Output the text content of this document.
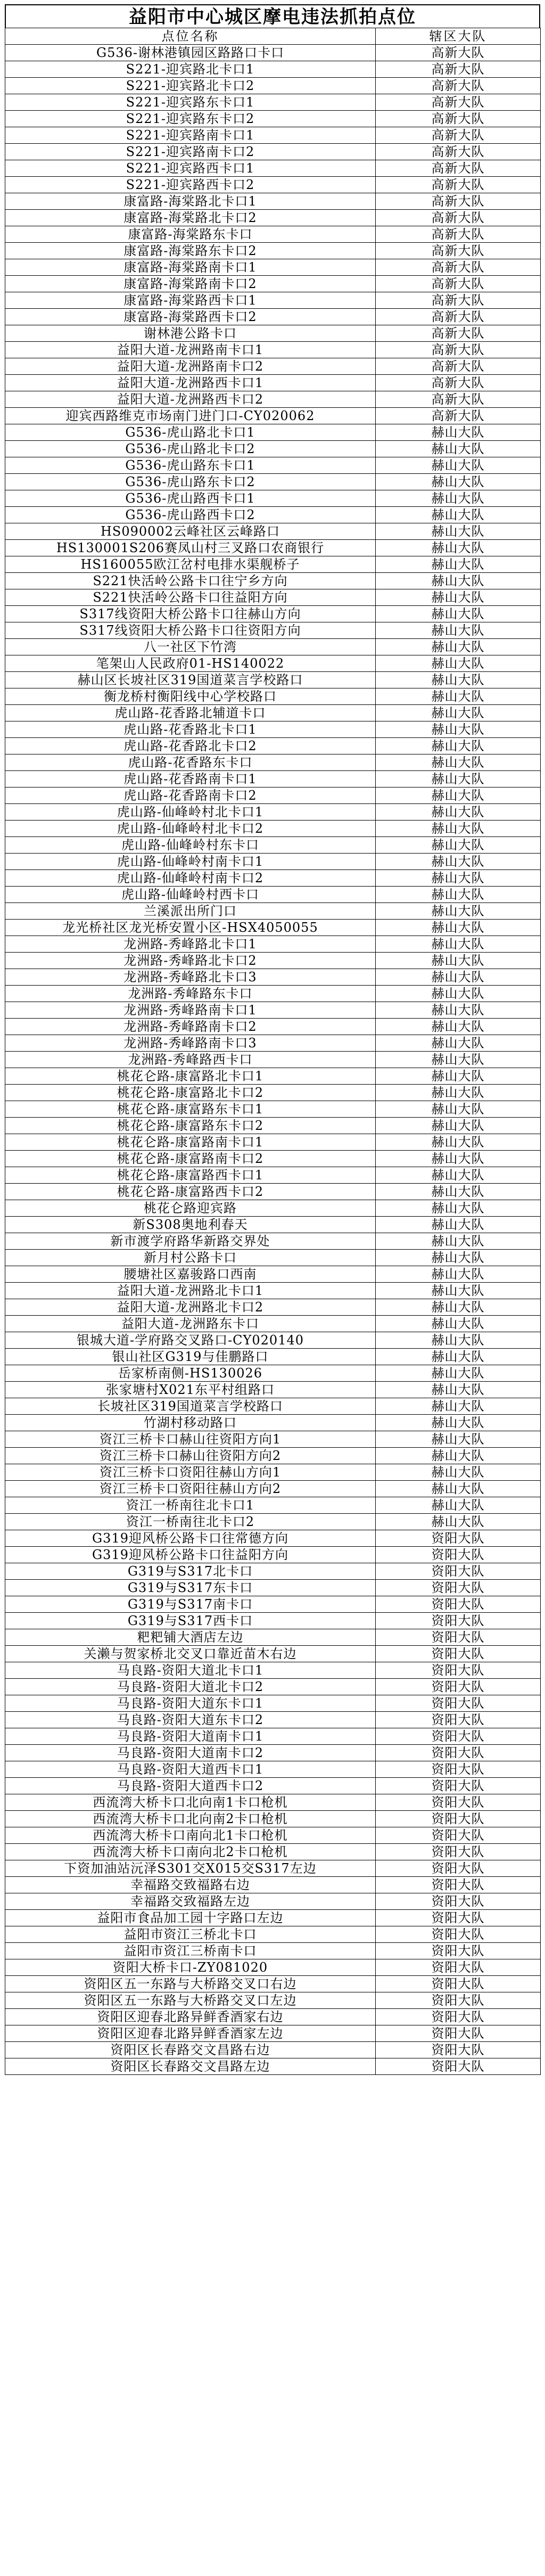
益阳市中心城区摩电违法抓拍点位
点位名称	辖区大队
G536-谢林港镇园区路路口卡口	高新大队
S221-迎宾路北卡口1	高新大队
S221-迎宾路北卡口2	高新大队
S221-迎宾路东卡口1	高新大队
S221-迎宾路东卡口2	高新大队
S221-迎宾路南卡口1	高新大队
S221-迎宾路南卡口2	高新大队
S221-迎宾路西卡口1	高新大队
S221-迎宾路西卡口2	高新大队
康富路-海棠路北卡口1	高新大队
康富路-海棠路北卡口2	高新大队
康富路-海棠路东卡口	高新大队
康富路-海棠路东卡口2	高新大队
康富路-海棠路南卡口1	高新大队
康富路-海棠路南卡口2	高新大队
康富路-海棠路西卡口1	高新大队
康富路-海棠路西卡口2	高新大队
谢林港公路卡口	高新大队
益阳大道-龙洲路南卡口1	高新大队
益阳大道-龙洲路南卡口2	高新大队
益阳大道-龙洲路西卡口1	高新大队
益阳大道-龙洲路西卡口2	高新大队
迎宾西路维克市场南门进门口-CY020062	高新大队
G536-虎山路北卡口1	赫山大队
G536-虎山路北卡口2	赫山大队
G536-虎山路东卡口1	赫山大队
G536-虎山路东卡口2	赫山大队
G536-虎山路西卡口1	赫山大队
G536-虎山路西卡口2	赫山大队
HS090002云峰社区云峰路口	赫山大队
HS130001S206赛凤山村三叉路口农商银行	赫山大队
HS160055欧江岔村电排水渠舰桥子	赫山大队
S221快活岭公路卡口往宁乡方向	赫山大队
S221快活岭公路卡口往益阳方向	赫山大队
S317线资阳大桥公路卡口往赫山方向	赫山大队
S317线资阳大桥公路卡口往资阳方向	赫山大队
八一社区下竹湾	赫山大队
笔架山人民政府01-HS140022	赫山大队
赫山区长坡社区319国道菜言学校路口	赫山大队
衡龙桥村衡阳线中心学校路口	赫山大队
虎山路-花香路北辅道卡口	赫山大队
虎山路-花香路北卡口1	赫山大队
虎山路-花香路北卡口2	赫山大队
虎山路-花香路东卡口	赫山大队
虎山路-花香路南卡口1	赫山大队
虎山路-花香路南卡口2	赫山大队
虎山路-仙峰岭村北卡口1	赫山大队
虎山路-仙峰岭村北卡口2	赫山大队
虎山路-仙峰岭村东卡口	赫山大队
虎山路-仙峰岭村南卡口1	赫山大队
虎山路-仙峰岭村南卡口2	赫山大队
虎山路-仙峰岭村西卡口	赫山大队
兰溪派出所门口	赫山大队
龙光桥社区龙光桥安置小区-HSX4050055	赫山大队
龙洲路-秀峰路北卡口1	赫山大队
龙洲路-秀峰路北卡口2	赫山大队
龙洲路-秀峰路北卡口3	赫山大队
龙洲路-秀峰路东卡口	赫山大队
龙洲路-秀峰路南卡口1	赫山大队
龙洲路-秀峰路南卡口2	赫山大队
龙洲路-秀峰路南卡口3	赫山大队
龙洲路-秀峰路西卡口	赫山大队
桃花仑路-康富路北卡口1	赫山大队
桃花仑路-康富路北卡口2	赫山大队
桃花仑路-康富路东卡口1	赫山大队
桃花仑路-康富路东卡口2	赫山大队
桃花仑路-康富路南卡口1	赫山大队
桃花仑路-康富路南卡口2	赫山大队
桃花仑路-康富路西卡口1	赫山大队
桃花仑路-康富路西卡口2	赫山大队
桃花仑路迎宾路	赫山大队
新S308奥地利春天	赫山大队
新市渡学府路华新路交界处	赫山大队
新月村公路卡口	赫山大队
腰塘社区嘉骏路口西南	赫山大队
益阳大道-龙洲路北卡口1	赫山大队
益阳大道-龙洲路北卡口2	赫山大队
益阳大道-龙洲路东卡口	赫山大队
银城大道-学府路交叉路口-CY020140	赫山大队
银山社区G319与佳鹏路口	赫山大队
岳家桥南侧-HS130026	赫山大队
张家塘村X021东平村组路口	赫山大队
长坡社区319国道菜言学校路口	赫山大队
竹湖村移动路口	赫山大队
资江三桥卡口赫山往资阳方向1	赫山大队
资江三桥卡口赫山往资阳方向2	赫山大队
资江三桥卡口资阳往赫山方向1	赫山大队
资江三桥卡口资阳往赫山方向2	赫山大队
资江一桥南往北卡口1	赫山大队
资江一桥南往北卡口2	赫山大队
G319迎风桥公路卡口往常德方向	资阳大队
G319迎风桥公路卡口往益阳方向	资阳大队
G319与S317北卡口	资阳大队
G319与S317东卡口	资阳大队
G319与S317南卡口	资阳大队
G319与S317西卡口	资阳大队
粑粑铺大酒店左边	资阳大队
关濑与贺家桥北交叉口靠近苗木右边	资阳大队
马良路-资阳大道北卡口1	资阳大队
马良路-资阳大道北卡口2	资阳大队
马良路-资阳大道东卡口1	资阳大队
马良路-资阳大道东卡口2	资阳大队
马良路-资阳大道南卡口1	资阳大队
马良路-资阳大道南卡口2	资阳大队
马良路-资阳大道西卡口1	资阳大队
马良路-资阳大道西卡口2	资阳大队
西流湾大桥卡口北向南1卡口枪机	资阳大队
西流湾大桥卡口北向南2卡口枪机	资阳大队
西流湾大桥卡口南向北1卡口枪机	资阳大队
西流湾大桥卡口南向北2卡口枪机	资阳大队
下资加油站沅泽S301交X015交S317左边	资阳大队
幸福路交致福路右边	资阳大队
幸福路交致福路左边	资阳大队
益阳市食品加工园十字路口左边	资阳大队
益阳市资江三桥北卡口	资阳大队
益阳市资江三桥南卡口	资阳大队
资阳大桥卡口-ZY081020	资阳大队
资阳区五一东路与大桥路交叉口右边	资阳大队
资阳区五一东路与大桥路交叉口左边	资阳大队
资阳区迎春北路异鲜香酒家右边	资阳大队
资阳区迎春北路异鲜香酒家左边	资阳大队
资阳区长春路交文昌路右边	资阳大队
资阳区长春路交文昌路左边	资阳大队
